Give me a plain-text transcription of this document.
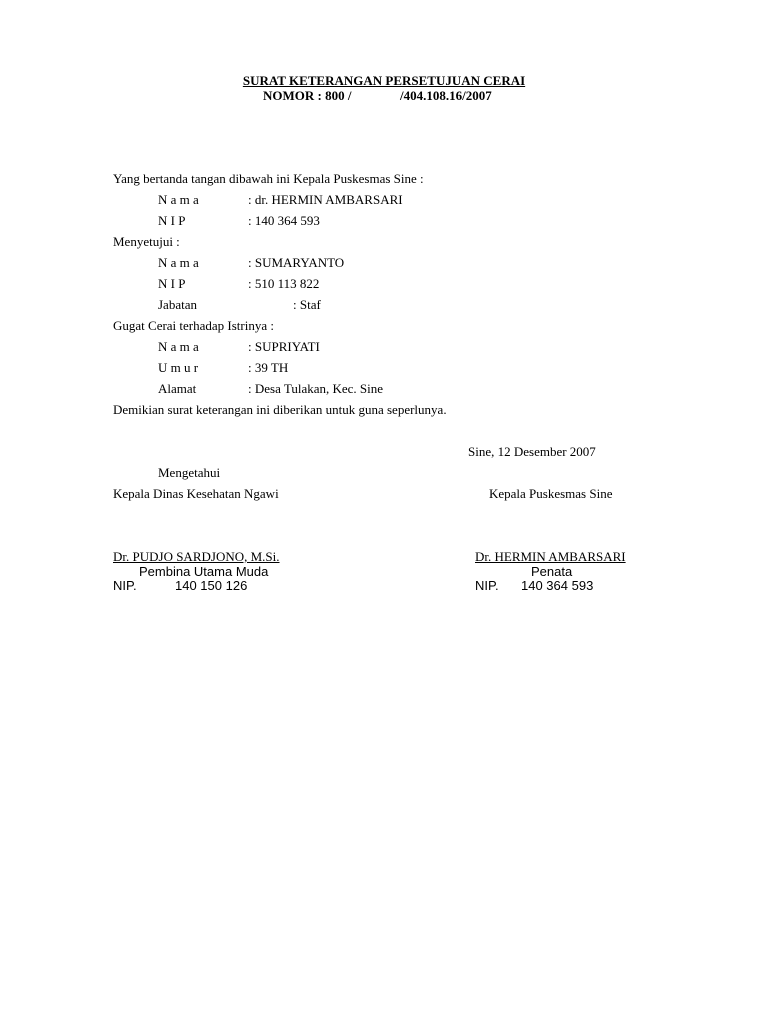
SURAT KETERANGAN PERSETUJUAN CERAI
NOMOR : 800 /	/404.108.16/2007
Yang bertanda tangan dibawah ini Kepala Puskesmas Sine :
N a m a	: dr. HERMIN AMBARSARI
N I P	: 140 364 593
Menyetujui :
N a m a	: SUMARYANTO
N I P	: 510 113 822
Jabatan	: Staf
Gugat Cerai terhadap Istrinya :
N a m a	: SUPRIYATI
U m u r	: 39 TH
Alamat	: Desa Tulakan, Kec. Sine
Demikian surat keterangan ini diberikan untuk guna seperlunya.
Sine, 12 Desember 2007
Mengetahui
Kepala Dinas Kesehatan Ngawi	Kepala Puskesmas Sine
Dr. PUDJO SARDJONO, M.Si.	Dr. HERMIN AMBARSARI
Pembina Utama Muda	Penata
NIP.	140 150 126	NIP. 140 364 593
